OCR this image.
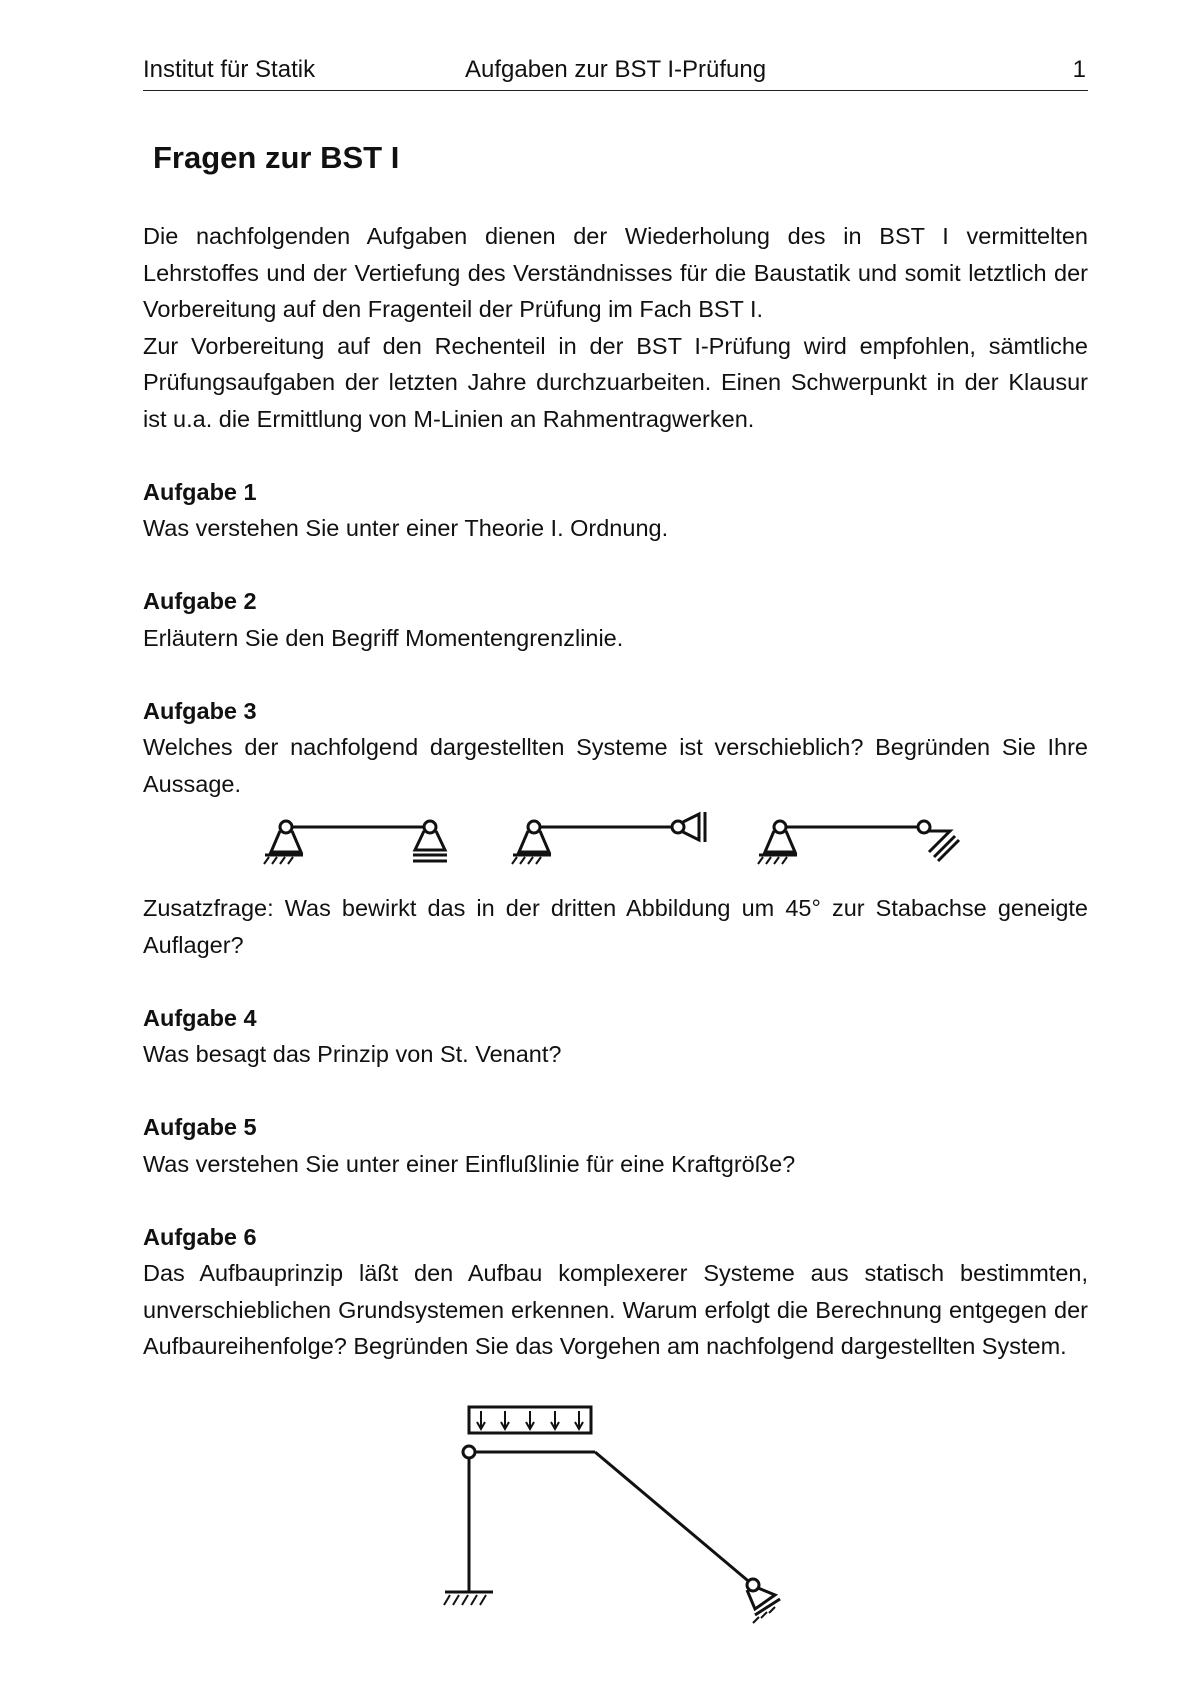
Institut für Statik	Aufgaben zur BST I-Prüfung	1
Fragen zur BST I

Die nachfolgenden Aufgaben dienen der Wiederholung des in BST I vermittelten Lehrstoffes und der Vertiefung des Verständnisses für die Baustatik und somit letztlich der Vorbereitung auf den Fragenteil der Prüfung im Fach BST I.

Zur Vorbereitung auf den Rechenteil in der BST I-Prüfung wird empfohlen, sämtliche Prüfungsaufgaben der letzten Jahre durchzuarbeiten. Einen Schwerpunkt in der Klausur ist u.a. die Ermittlung von M-Linien an Rahmentragwerken.

Aufgabe 1

Was verstehen Sie unter einer Theorie I. Ordnung.

Aufgabe 2

Erläutern Sie den Begriff Momentengrenzlinie.

Aufgabe 3

Welches der nachfolgend dargestellten Systeme ist verschieblich? Begründen Sie Ihre Aussage.

Zusatzfrage: Was bewirkt das in der dritten Abbildung um 45° zur Stabachse geneigte Auflager?

Aufgabe 4

Was besagt das Prinzip von St. Venant?

Aufgabe 5

Was verstehen Sie unter einer Einflußlinie für eine Kraftgröße?

Aufgabe 6

Das Aufbauprinzip läßt den Aufbau komplexerer Systeme aus statisch bestimmten, unverschieblichen Grundsystemen erkennen. Warum erfolgt die Berechnung entgegen der Aufbaureihenfolge? Begründen Sie das Vorgehen am nachfolgend dargestellten System.
